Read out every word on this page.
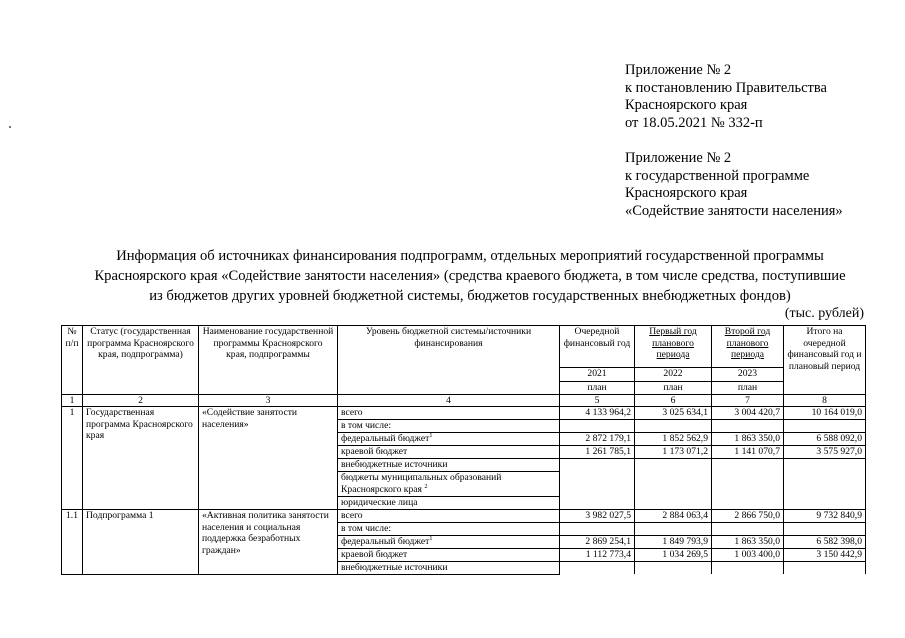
Приложение № 2
к постановлению Правительства
Красноярского края
от 18.05.2021 № 332-п
Приложение № 2
к государственной программе
Красноярского края
«Содействие занятости населения»
Информация об источниках финансирования подпрограмм, отдельных мероприятий государственной программы
Красноярского края «Содействие занятости населения» (средства краевого бюджета, в том числе средства, поступившие
из бюджетов других уровней бюджетной системы, бюджетов государственных внебюджетных фондов)
(тыс. рублей)
№ п/п	Статус (государственная программа Красноярского края, подпрограмма)	Наименование государственной программы Красноярского края, подпрограммы	Уровень бюджетной системы/источники финансирования	Очередной финансовый год	Первый год планового периода	Второй год планового периода	Итого на очередной финансовый год и плановый период
				2021	2022	2023	
				план	план	план	
1	2	3	4	5	6	7	8
1	Государственная программа Красноярского края	«Содействие занятости населения»	всего	4 133 964,2	3 025 634,1	3 004 420,7	10 164 019,0
			в том числе:				
			федеральный бюджет$^1$	2 872 179,1	1 852 562,9	1 863 350,0	6 588 092,0
			краевой бюджет	1 261 785,1	1 173 071,2	1 141 070,7	3 575 927,0
			внебюджетные источники				
			бюджеты муниципальных образований Красноярского края $^2$				
			юридические лица				
1.1	Подпрограмма 1	«Активная политика занятости населения и социальная поддержка безработных граждан»	всего	3 982 027,5	2 884 063,4	2 866 750,0	9 732 840,9
			в том числе:				
			федеральный бюджет$^1$	2 869 254,1	1 849 793,9	1 863 350,0	6 582 398,0
			краевой бюджет	1 112 773,4	1 034 269,5	1 003 400,0	3 150 442,9
			внебюджетные источники				
